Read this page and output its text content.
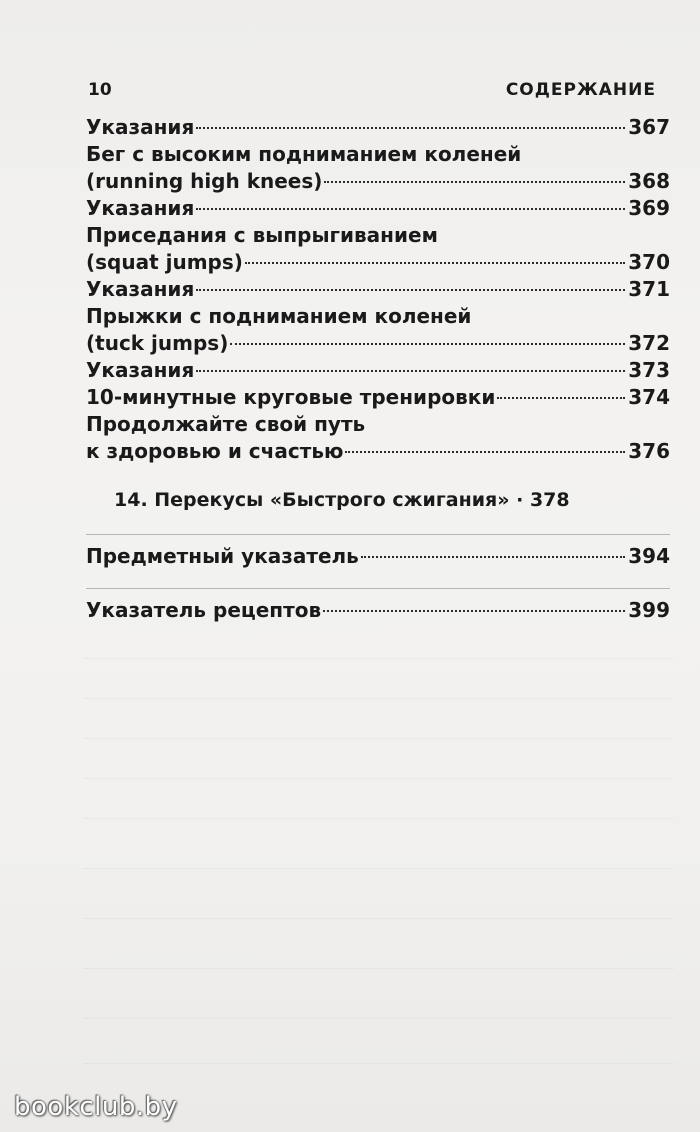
10	СОДЕРЖАНИЕ
Указания	367
Бег с высоким подниманием коленей
(running high knees)	368
Указания	369
Приседания с выпрыгиванием
(squat jumps)	370
Указания	371
Прыжки с подниманием коленей
(tuck jumps)	372
Указания	373
10-минутные круговые тренировки	374
Продолжайте свой путь
к здоровью и счастью	376
14. Перекусы «Быстрого сжигания» · 378
Предметный указатель	394
Указатель рецептов	399
bookclub.by
